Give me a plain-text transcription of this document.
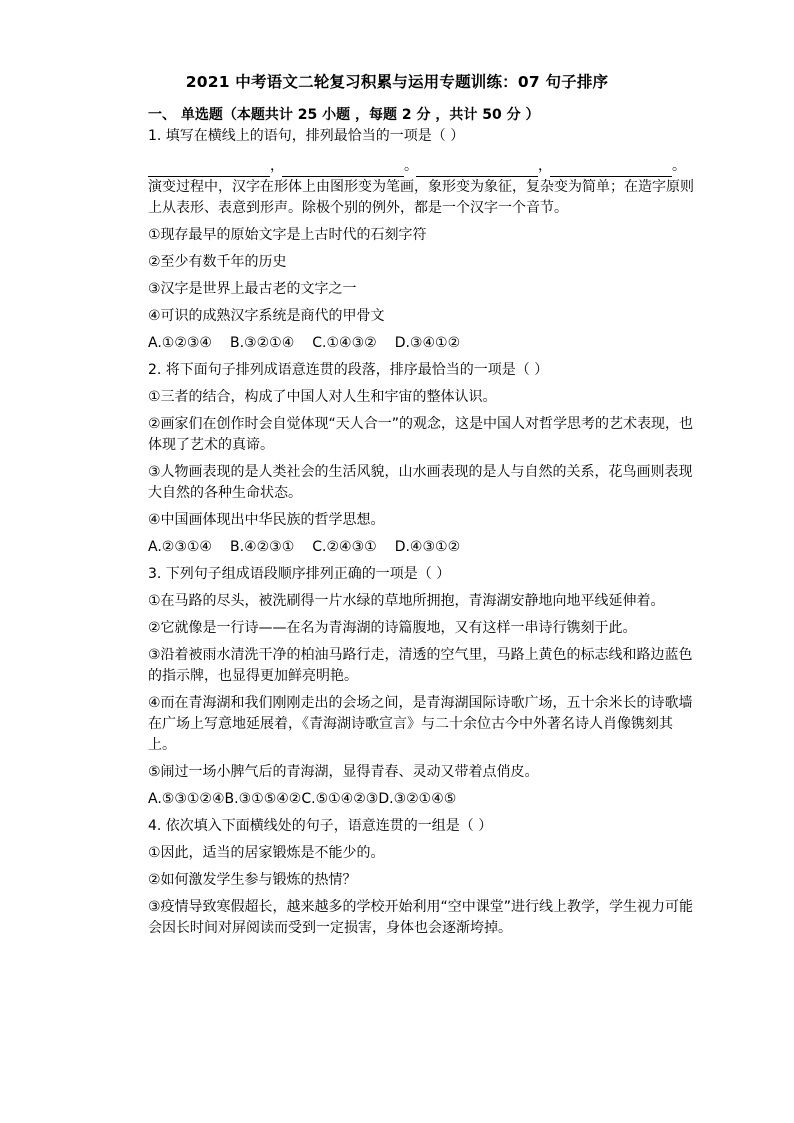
2021 中考语文二轮复习积累与运用专题训练：07 句子排序
一、 单选题（本题共计 25 小题 ，每题 2 分 ，共计 50 分 ）

1. 填写在横线上的语句，排列最恰当的一项是（ ）

，	。	，	。

演变过程中，汉字在形体上由图形变为笔画，象形变为象征，复杂变为简单；在造字原则上从表形、表意到形声。除极个别的例外，都是一个汉字一个音节。

①现存最早的原始文字是上古时代的石刻字符

②至少有数千年的历史

③汉字是世界上最古老的文字之一

④可识的成熟汉字系统是商代的甲骨文

A.①②③④ B.③②①④ C.①④③② D.③④①②

2. 将下面句子排列成语意连贯的段落，排序最恰当的一项是（ ）

①三者的结合，构成了中国人对人生和宇宙的整体认识。

②画家们在创作时会自觉体现“天人合一”的观念，这是中国人对哲学思考的艺术表现，也体现了艺术的真谛。

③人物画表现的是人类社会的生活风貌，山水画表现的是人与自然的关系，花鸟画则表现大自然的各种生命状态。

④中国画体现出中华民族的哲学思想。

A.②③①④ B.④②③① C.②④③① D.④③①②

3. 下列句子组成语段顺序排列正确的一项是（ ）

①在马路的尽头，被洗刷得一片水绿的草地所拥抱，青海湖安静地向地平线延伸着。

②它就像是一行诗——在名为青海湖的诗篇腹地，又有这样一串诗行镌刻于此。

③沿着被雨水清洗干净的柏油马路行走，清透的空气里，马路上黄色的标志线和路边蓝色的指示牌，也显得更加鲜亮明艳。

④而在青海湖和我们刚刚走出的会场之间，是青海湖国际诗歌广场，五十余米长的诗歌墙在广场上写意地延展着，《青海湖诗歌宣言》与二十余位古今中外著名诗人肖像镌刻其上。

⑤闹过一场小脾气后的青海湖，显得青春、灵动又带着点俏皮。

A.⑤③①②④ B.③①⑤④② C.⑤①④②③ D.③②①④⑤

4. 依次填入下面横线处的句子，语意连贯的一组是（ ）

①因此，适当的居家锻炼是不能少的。

②如何激发学生参与锻炼的热情？

③疫情导致寒假超长，越来越多的学校开始利用“空中课堂”进行线上教学，学生视力可能会因长时间对屏阅读而受到一定损害，身体也会逐渐垮掉。
